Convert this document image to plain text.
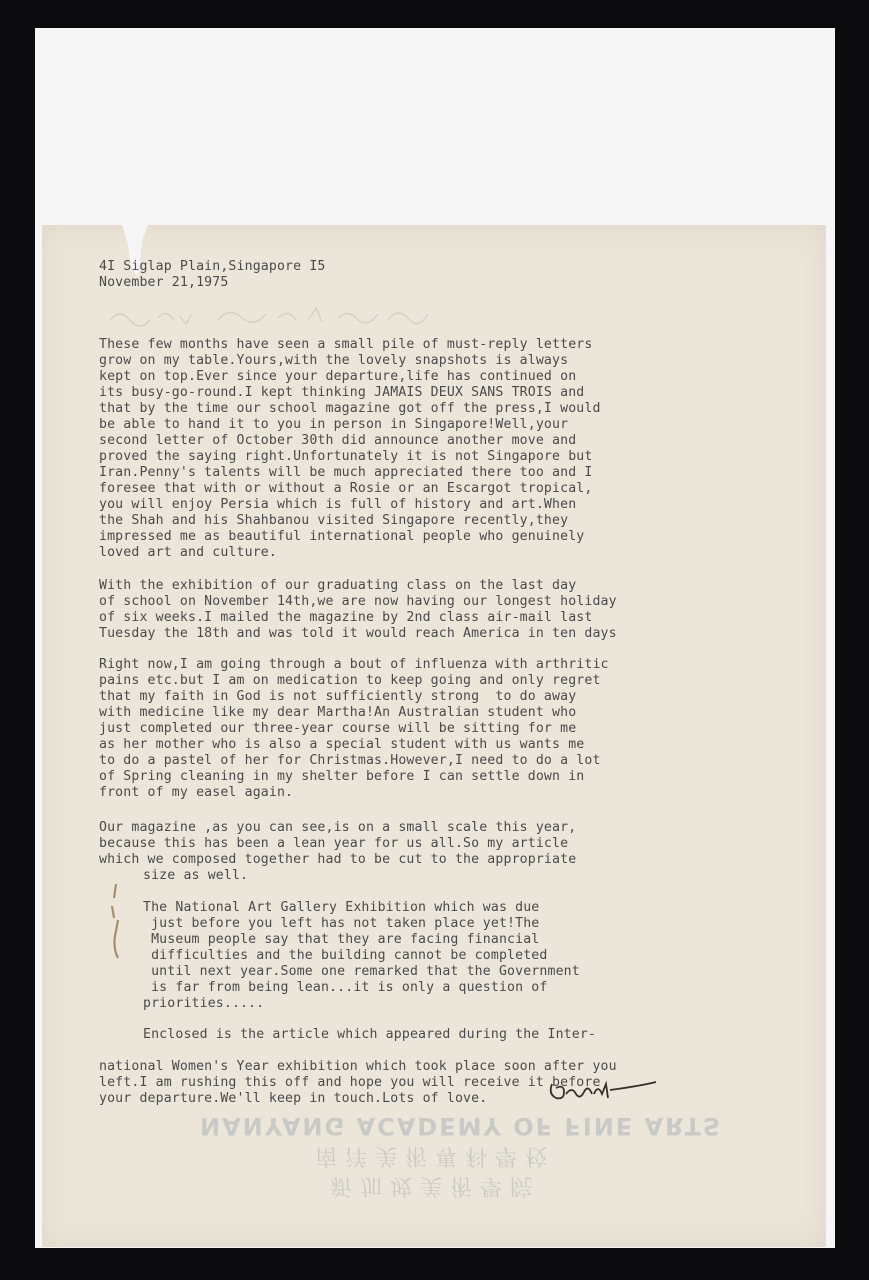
4I Siglap Plain,Singapore I5
November 21,1975
These few months have seen a small pile of must-reply letters
grow on my table.Yours,with the lovely snapshots is always
kept on top.Ever since your departure,life has continued on
its busy-go-round.I kept thinking JAMAIS DEUX SANS TROIS and
that by the time our school magazine got off the press,I would
be able to hand it to you in person in Singapore!Well,your
second letter of October 30th did announce another move and
proved the saying right.Unfortunately it is not Singapore but
Iran.Penny's talents will be much appreciated there too and I
foresee that with or without a Rosie or an Escargot tropical,
you will enjoy Persia which is full of history and art.When
the Shah and his Shahbanou visited Singapore recently,they
impressed me as beautiful international people who genuinely
loved art and culture.
With the exhibition of our graduating class on the last day
of school on November 14th,we are now having our longest holiday
of six weeks.I mailed the magazine by 2nd class air-mail last
Tuesday the 18th and was told it would reach America in ten days
Right now,I am going through a bout of influenza with arthritic
pains etc.but I am on medication to keep going and only regret
that my faith in God is not sufficiently strong  to do away
with medicine like my dear Martha!An Australian student who
just completed our three-year course will be sitting for me
as her mother who is also a special student with us wants me
to do a pastel of her for Christmas.However,I need to do a lot
of Spring cleaning in my shelter before I can settle down in
front of my easel again.
Our magazine ,as you can see,is on a small scale this year,
because this has been a lean year for us all.So my article
which we composed together had to be cut to the appropriate
size as well.
The National Art Gallery Exhibition which was due
just before you left has not taken place yet!The
Museum people say that they are facing financial
difficulties and the building cannot be completed
until next year.Some one remarked that the Government
is far from being lean...it is only a question of
priorities.....
Enclosed is the article which appeared during the Inter-
national Women's Year exhibition which took place soon after you
left.I am rushing this off and hope you will receive it before
your departure.We'll keep in touch.Lots of love.
NANYANG ACADEMY OF FINE ARTS
南洋美術專科學校
新加坡美術學院
